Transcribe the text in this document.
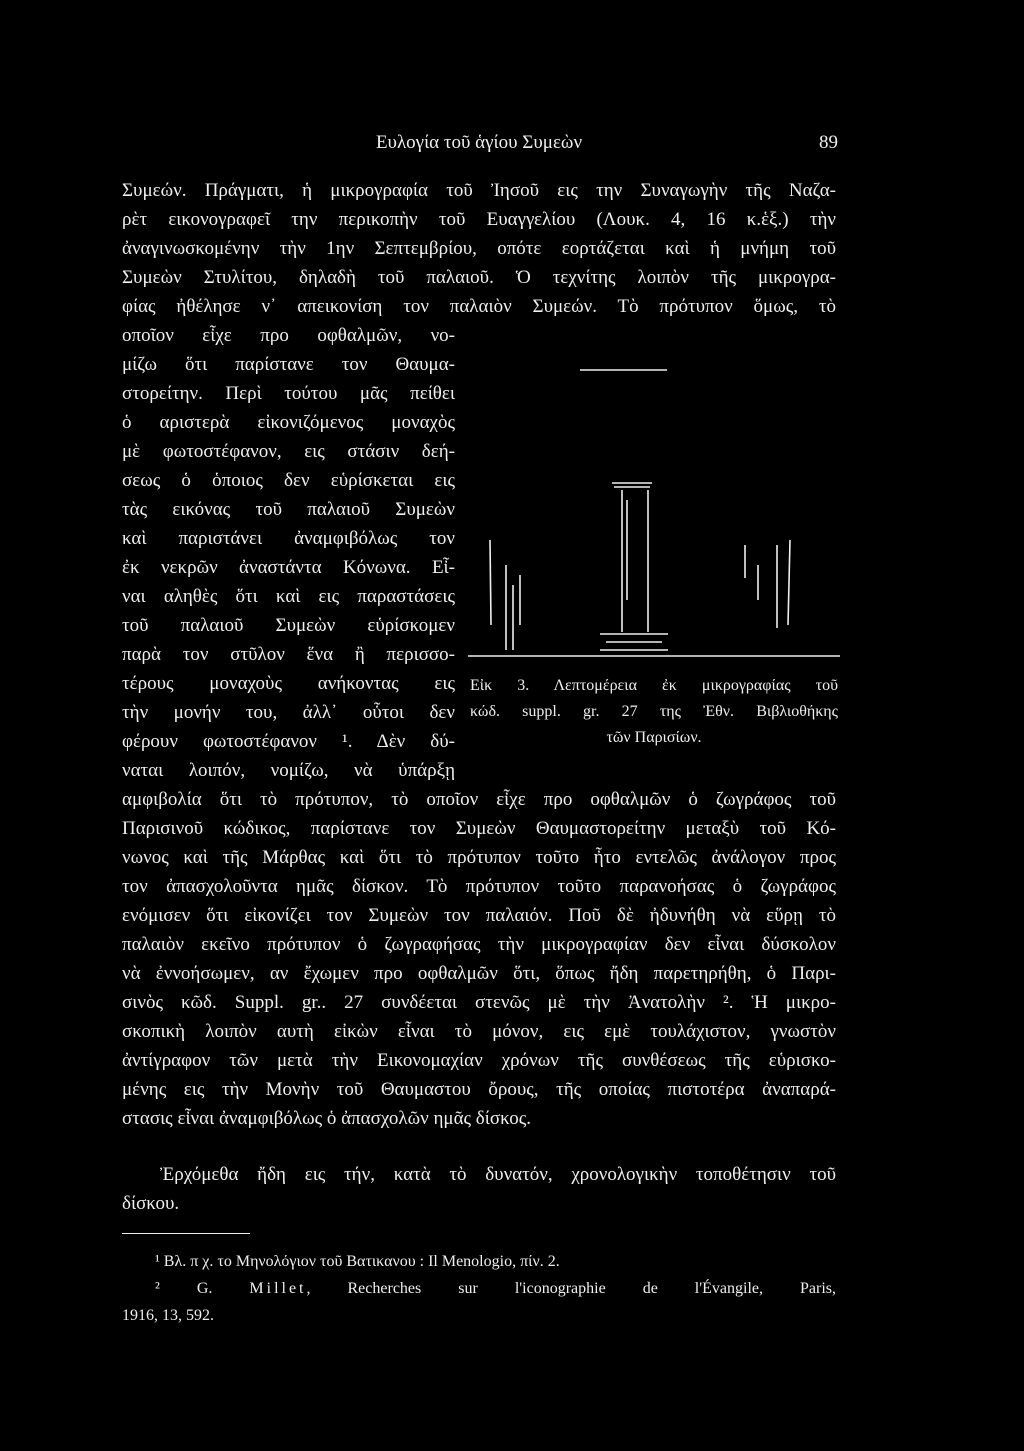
Ευλογία τοῦ ἁγίου Συμεὼν	89
Συμεών. Πράγματι, ἡ μικρογραφία τοῦ Ἰησοῦ εις την Συναγωγὴν τῆς Ναζα-
ρὲτ εικονογραφεῖ την περικοπὴν τοῦ Ευαγγελίου (Λουκ. 4, 16 κ.ἑξ.) τὴν
ἀναγινωσκομένην τὴν 1ην Σεπτεμβρίου, οπότε εορτάζεται καὶ ἡ μνήμη τοῦ
Συμεὼν Στυλίτου, δηλαδὴ τοῦ παλαιοῦ. Ὁ τεχνίτης λοιπὸν τῆς μικρογρα-
φίας ἠθέλησε ν᾽ απεικονίση τον παλαιὸν Συμεών. Τὸ πρότυπον ὅμως, τὸ
οποῖον εἶχε προ οφθαλμῶν, νο-
μίζω ὅτι παρίστανε τον Θαυμα-
στορείτην. Περὶ τούτου μᾶς πείθει
ὁ αριστερὰ εἰκονιζόμενος μοναχὸς
μὲ φωτοστέφανον, εις στάσιν δεή-
σεως ὁ ὁποιος δεν εὑρίσκεται εις
τὰς εικόνας τοῦ παλαιοῦ Συμεὼν
καὶ παριστάνει ἀναμφιβόλως τον
ἐκ νεκρῶν ἀναστάντα Κόνωνα. Εἶ-
ναι αληθὲς ὅτι καὶ εις παραστάσεις
τοῦ παλαιοῦ Συμεὼν εὑρίσκομεν
παρὰ τον στῦλον ἕνα ἢ περισσο-
τέρους μοναχοὺς ανήκοντας εις
τὴν μονήν του, ἀλλ᾽ οὗτοι δεν
φέρουν φωτοστέφανον ¹. Δὲν δύ-
ναται λοιπόν, νομίζω, νὰ ὑπάρξῃ
αμφιβολία ὅτι τὸ πρότυπον, τὸ οποῖον εἶχε προ οφθαλμῶν ὁ ζωγράφος τοῦ
Παρισινοῦ κώδικος, παρίστανε τον Συμεὼν Θαυμαστορείτην μεταξὺ τοῦ Κό-
νωνος καὶ τῆς Μάρθας καὶ ὅτι τὸ πρότυπον τοῦτο ἦτο εντελῶς ἀνάλογον προς
τον ἀπασχολοῦντα ημᾶς δίσκον. Τὸ πρότυπον τοῦτο παρανοήσας ὁ ζωγράφος
ενόμισεν ὅτι εἰκονίζει τον Συμεὼν τον παλαιόν. Ποῦ δὲ ἠδυνήθη νὰ εὕρῃ τὸ
παλαιὸν εκεῖνο πρότυπον ὁ ζωγραφήσας τὴν μικρογραφίαν δεν εἶναι δύσκολον
νὰ ἐννοήσωμεν, αν ἔχωμεν προ οφθαλμῶν ὅτι, ὅπως ἤδη παρετηρήθη, ὁ Παρι-
σινὸς κῶδ. Suppl. gr.. 27 συνδέεται στενῶς μὲ τὴν Ἀνατολὴν ². Ἡ μικρο-
σκοπικὴ λοιπὸν αυτὴ εἰκὼν εἶναι τὸ μόνον, εις εμὲ τουλάχιστον, γνωστὸν
ἀντίγραφον τῶν μετὰ τὴν Εικονομαχίαν χρόνων τῆς συνθέσεως τῆς εὑρισκο-
μένης εις τὴν Μονὴν τοῦ Θαυμαστου ὄρους, τῆς οποίας πιστοτέρα ἀναπαρά-
στασις εἶναι ἀναμφιβόλως ὁ ἀπασχολῶν ημᾶς δίσκος.
Ἐρχόμεθα ἤδη εις τήν, κατὰ τὸ δυνατόν, χρονολογικὴν τοποθέτησιν τοῦ
δίσκου.
Εἰκ 3. Λεπτομέρεια ἐκ μικρογραφίας τοῦ
κώδ. suppl. gr. 27 της Ἐθν. Βιβλιοθήκης
τῶν Παρισίων.
¹ Βλ. π χ. το Μηνολόγιον τοῦ Βατικανου : Il Menologio, πίν. 2.
² G. Millet, Recherches sur l'iconographie de l'Évangile, Paris,
1916, 13, 592.
